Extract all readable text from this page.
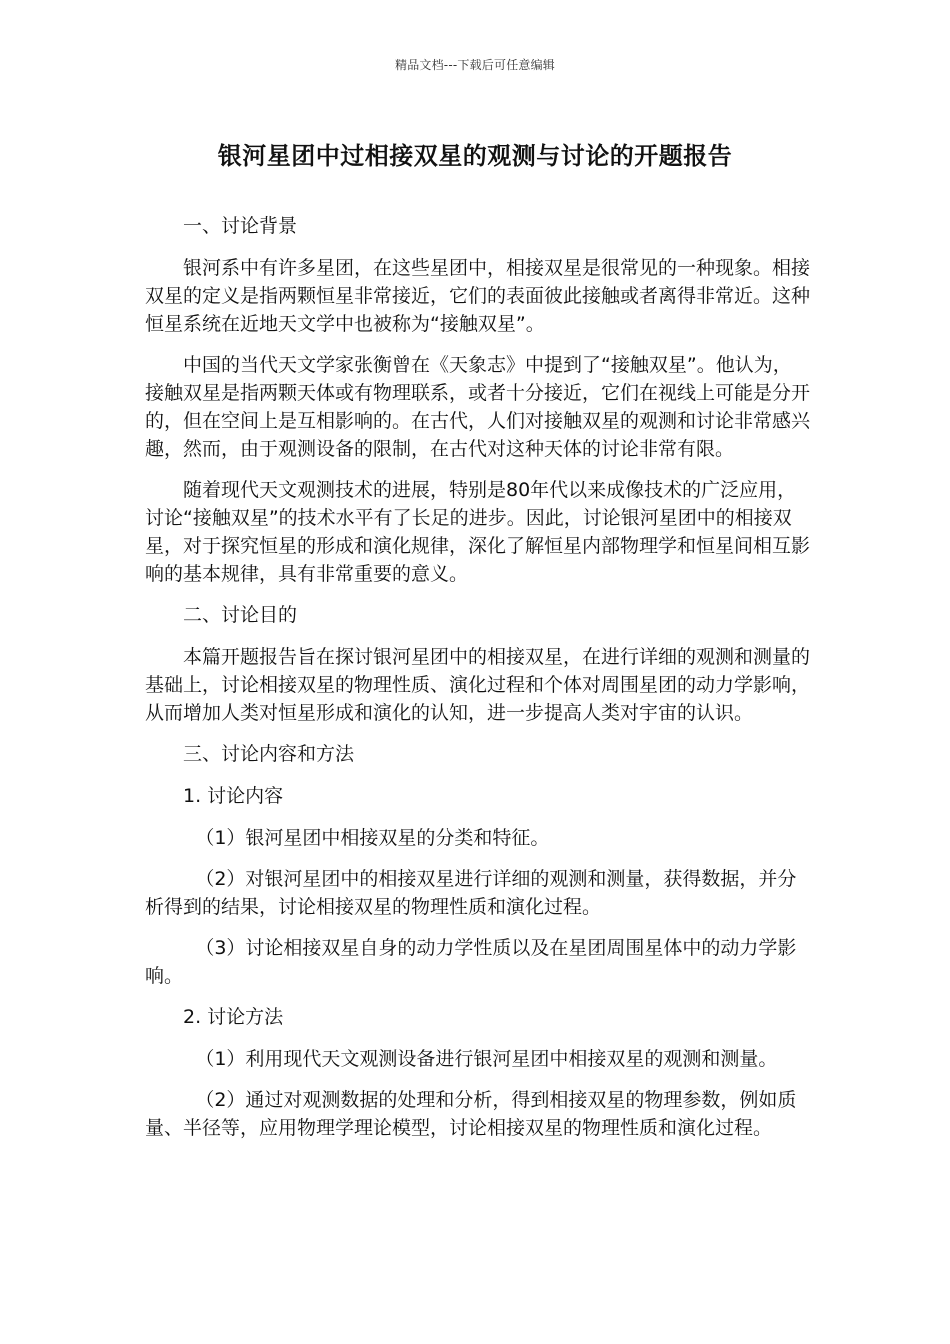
精品文档---下载后可任意编辑
银河星团中过相接双星的观测与讨论的开题报告

一、讨论背景

银河系中有许多星团，在这些星团中，相接双星是很常见的一种现象。相接双星的定义是指两颗恒星非常接近，它们的表面彼此接触或者离得非常近。这种恒星系统在近地天文学中也被称为“接触双星”。

中国的当代天文学家张衡曾在《天象志》中提到了“接触双星”。他认为，接触双星是指两颗天体或有物理联系，或者十分接近，它们在视线上可能是分开的，但在空间上是互相影响的。在古代，人们对接触双星的观测和讨论非常感兴趣，然而，由于观测设备的限制，在古代对这种天体的讨论非常有限。

随着现代天文观测技术的进展，特别是80年代以来成像技术的广泛应用，讨论“接触双星”的技术水平有了长足的进步。因此，讨论银河星团中的相接双星，对于探究恒星的形成和演化规律，深化了解恒星内部物理学和恒星间相互影响的基本规律，具有非常重要的意义。

二、讨论目的

本篇开题报告旨在探讨银河星团中的相接双星，在进行详细的观测和测量的基础上，讨论相接双星的物理性质、演化过程和个体对周围星团的动力学影响，从而增加人类对恒星形成和演化的认知，进一步提高人类对宇宙的认识。

三、讨论内容和方法

1. 讨论内容

（1）银河星团中相接双星的分类和特征。

（2）对银河星团中的相接双星进行详细的观测和测量，获得数据，并分析得到的结果，讨论相接双星的物理性质和演化过程。

（3）讨论相接双星自身的动力学性质以及在星团周围星体中的动力学影响。

2. 讨论方法

（1）利用现代天文观测设备进行银河星团中相接双星的观测和测量。

（2）通过对观测数据的处理和分析，得到相接双星的物理参数，例如质量、半径等，应用物理学理论模型，讨论相接双星的物理性质和演化过程。
